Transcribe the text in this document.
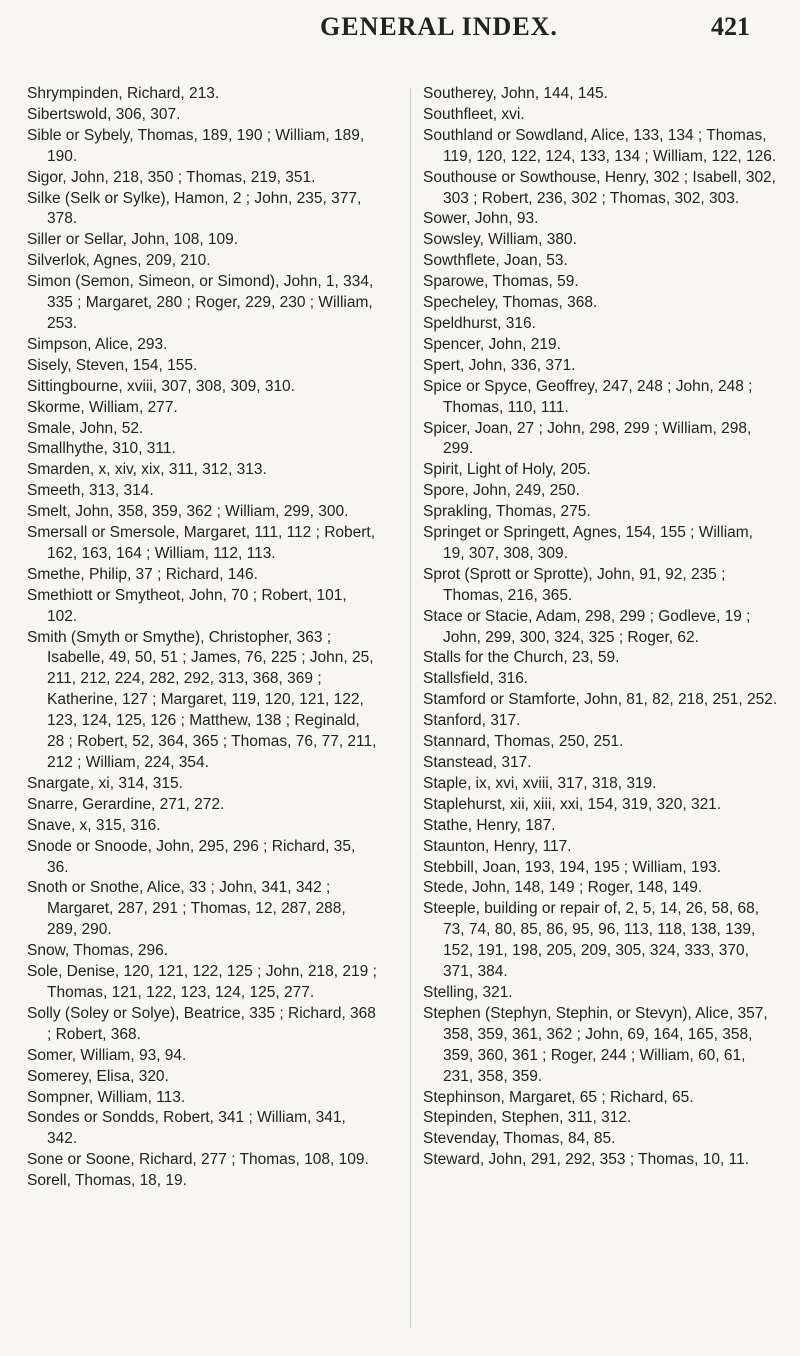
GENERAL INDEX.	421

Shrympinden, Richard, 213.

Sibertswold, 306, 307.

Sible or Sybely, Thomas, 189, 190 ; William, 189, 190.

Sigor, John, 218, 350 ; Thomas, 219, 351.

Silke (Selk or Sylke), Hamon, 2 ; John, 235, 377, 378.

Siller or Sellar, John, 108, 109.

Silverlok, Agnes, 209, 210.

Simon (Semon, Simeon, or Simond), John, 1, 334, 335 ; Margaret, 280 ; Roger, 229, 230 ; William, 253.

Simpson, Alice, 293.

Sisely, Steven, 154, 155.

Sittingbourne, xviii, 307, 308, 309, 310.

Skorme, William, 277.

Smale, John, 52.

Smallhythe, 310, 311.

Smarden, x, xiv, xix, 311, 312, 313.

Smeeth, 313, 314.

Smelt, John, 358, 359, 362 ; William, 299, 300.

Smersall or Smersole, Margaret, 111, 112 ; Robert, 162, 163, 164 ; William, 112, 113.

Smethe, Philip, 37 ; Richard, 146.

Smethiott or Smytheot, John, 70 ; Robert, 101, 102.

Smith (Smyth or Smythe), Christopher, 363 ; Isabelle, 49, 50, 51 ; James, 76, 225 ; John, 25, 211, 212, 224, 282, 292, 313, 368, 369 ; Katherine, 127 ; Margaret, 119, 120, 121, 122, 123, 124, 125, 126 ; Matthew, 138 ; Reginald, 28 ; Robert, 52, 364, 365 ; Thomas, 76, 77, 211, 212 ; William, 224, 354.

Snargate, xi, 314, 315.

Snarre, Gerardine, 271, 272.

Snave, x, 315, 316.

Snode or Snoode, John, 295, 296 ; Richard, 35, 36.

Snoth or Snothe, Alice, 33 ; John, 341, 342 ; Margaret, 287, 291 ; Thomas, 12, 287, 288, 289, 290.

Snow, Thomas, 296.

Sole, Denise, 120, 121, 122, 125 ; John, 218, 219 ; Thomas, 121, 122, 123, 124, 125, 277.

Solly (Soley or Solye), Beatrice, 335 ; Richard, 368 ; Robert, 368.

Somer, William, 93, 94.

Somerey, Elisa, 320.

Sompner, William, 113.

Sondes or Sondds, Robert, 341 ; William, 341, 342.

Sone or Soone, Richard, 277 ; Thomas, 108, 109.

Sorell, Thomas, 18, 19.

Southerey, John, 144, 145.

Southfleet, xvi.

Southland or Sowdland, Alice, 133, 134 ; Thomas, 119, 120, 122, 124, 133, 134 ; William, 122, 126.

Southouse or Sowthouse, Henry, 302 ; Isabell, 302, 303 ; Robert, 236, 302 ; Thomas, 302, 303.

Sower, John, 93.

Sowsley, William, 380.

Sowthflete, Joan, 53.

Sparowe, Thomas, 59.

Specheley, Thomas, 368.

Speldhurst, 316.

Spencer, John, 219.

Spert, John, 336, 371.

Spice or Spyce, Geoffrey, 247, 248 ; John, 248 ; Thomas, 110, 111.

Spicer, Joan, 27 ; John, 298, 299 ; William, 298, 299.

Spirit, Light of Holy, 205.

Spore, John, 249, 250.

Sprakling, Thomas, 275.

Springet or Springett, Agnes, 154, 155 ; William, 19, 307, 308, 309.

Sprot (Sprott or Sprotte), John, 91, 92, 235 ; Thomas, 216, 365.

Stace or Stacie, Adam, 298, 299 ; Godleve, 19 ; John, 299, 300, 324, 325 ; Roger, 62.

Stalls for the Church, 23, 59.

Stallsfield, 316.

Stamford or Stamforte, John, 81, 82, 218, 251, 252.

Stanford, 317.

Stannard, Thomas, 250, 251.

Stanstead, 317.

Staple, ix, xvi, xviii, 317, 318, 319.

Staplehurst, xii, xiii, xxi, 154, 319, 320, 321.

Stathe, Henry, 187.

Staunton, Henry, 117.

Stebbill, Joan, 193, 194, 195 ; William, 193.

Stede, John, 148, 149 ; Roger, 148, 149.

Steeple, building or repair of, 2, 5, 14, 26, 58, 68, 73, 74, 80, 85, 86, 95, 96, 113, 118, 138, 139, 152, 191, 198, 205, 209, 305, 324, 333, 370, 371, 384.

Stelling, 321.

Stephen (Stephyn, Stephin, or Stevyn), Alice, 357, 358, 359, 361, 362 ; John, 69, 164, 165, 358, 359, 360, 361 ; Roger, 244 ; William, 60, 61, 231, 358, 359.

Stephinson, Margaret, 65 ; Richard, 65.

Stepinden, Stephen, 311, 312.

Stevenday, Thomas, 84, 85.

Steward, John, 291, 292, 353 ; Thomas, 10, 11.
